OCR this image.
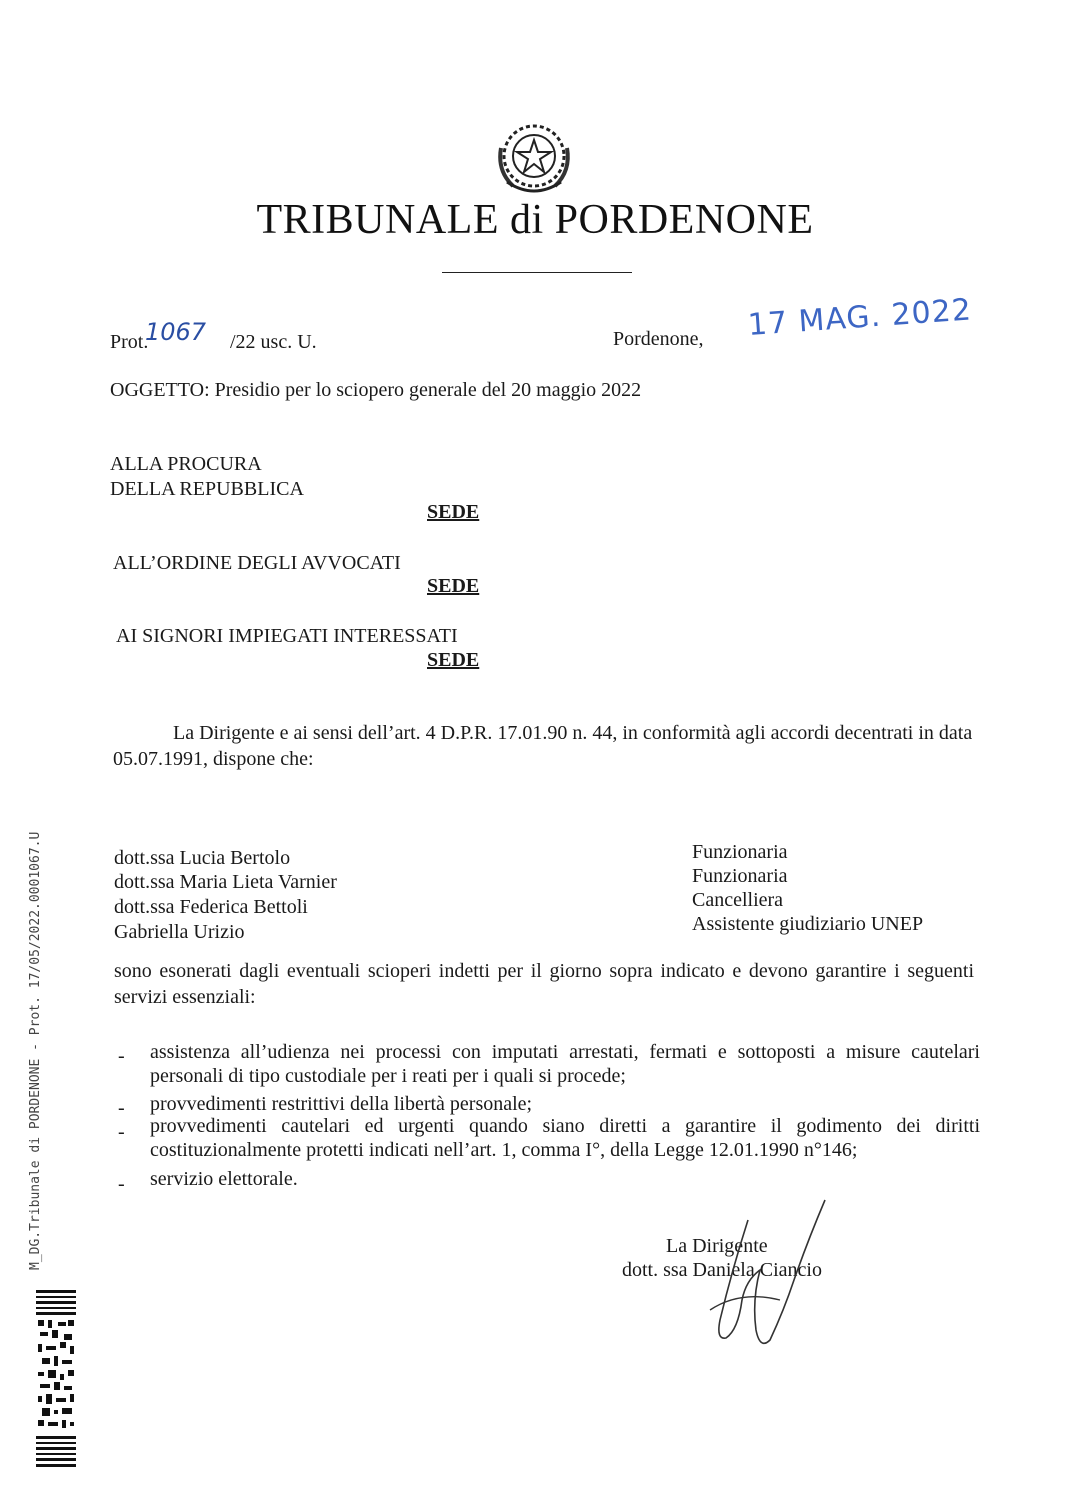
TRIBUNALE di PORDENONE
Prot.
1067 /22 usc. U.	Pordenone, 17 MAG. 2022
OGGETTO: Presidio per lo sciopero generale del 20 maggio 2022
ALLA PROCURA
DELLA REPUBBLICA
SEDE
ALL’ORDINE DEGLI AVVOCATI
SEDE
AI SIGNORI IMPIEGATI INTERESSATI
SEDE
La Dirigente e ai sensi dell’art. 4 D.P.R. 17.01.90 n. 44, in conformità agli accordi decentrati in data 05.07.1991, dispone che:
dott.ssa Lucia Bertolo
dott.ssa Maria Lieta Varnier
dott.ssa Federica Bettoli
Gabriella Urizio
Funzionaria
Funzionaria
Cancelliera
Assistente giudiziario UNEP
sono esonerati dagli eventuali scioperi indetti per il giorno sopra indicato e devono garantire i seguenti servizi essenziali:
- assistenza all’udienza nei processi con imputati arrestati, fermati e sottoposti a misure cautelari personali di tipo custodiale per i reati per i quali si procede;
- provvedimenti restrittivi della libertà personale;
- provvedimenti cautelari ed urgenti quando siano diretti a garantire il godimento dei diritti costituzionalmente protetti indicati nell’art. 1, comma I°, della Legge 12.01.1990 n°146;
- servizio elettorale.
La Dirigente
dott. ssa Daniela Ciancio
M_DG.Tribunale di PORDENONE - Prot. 17/05/2022.0001067.U
